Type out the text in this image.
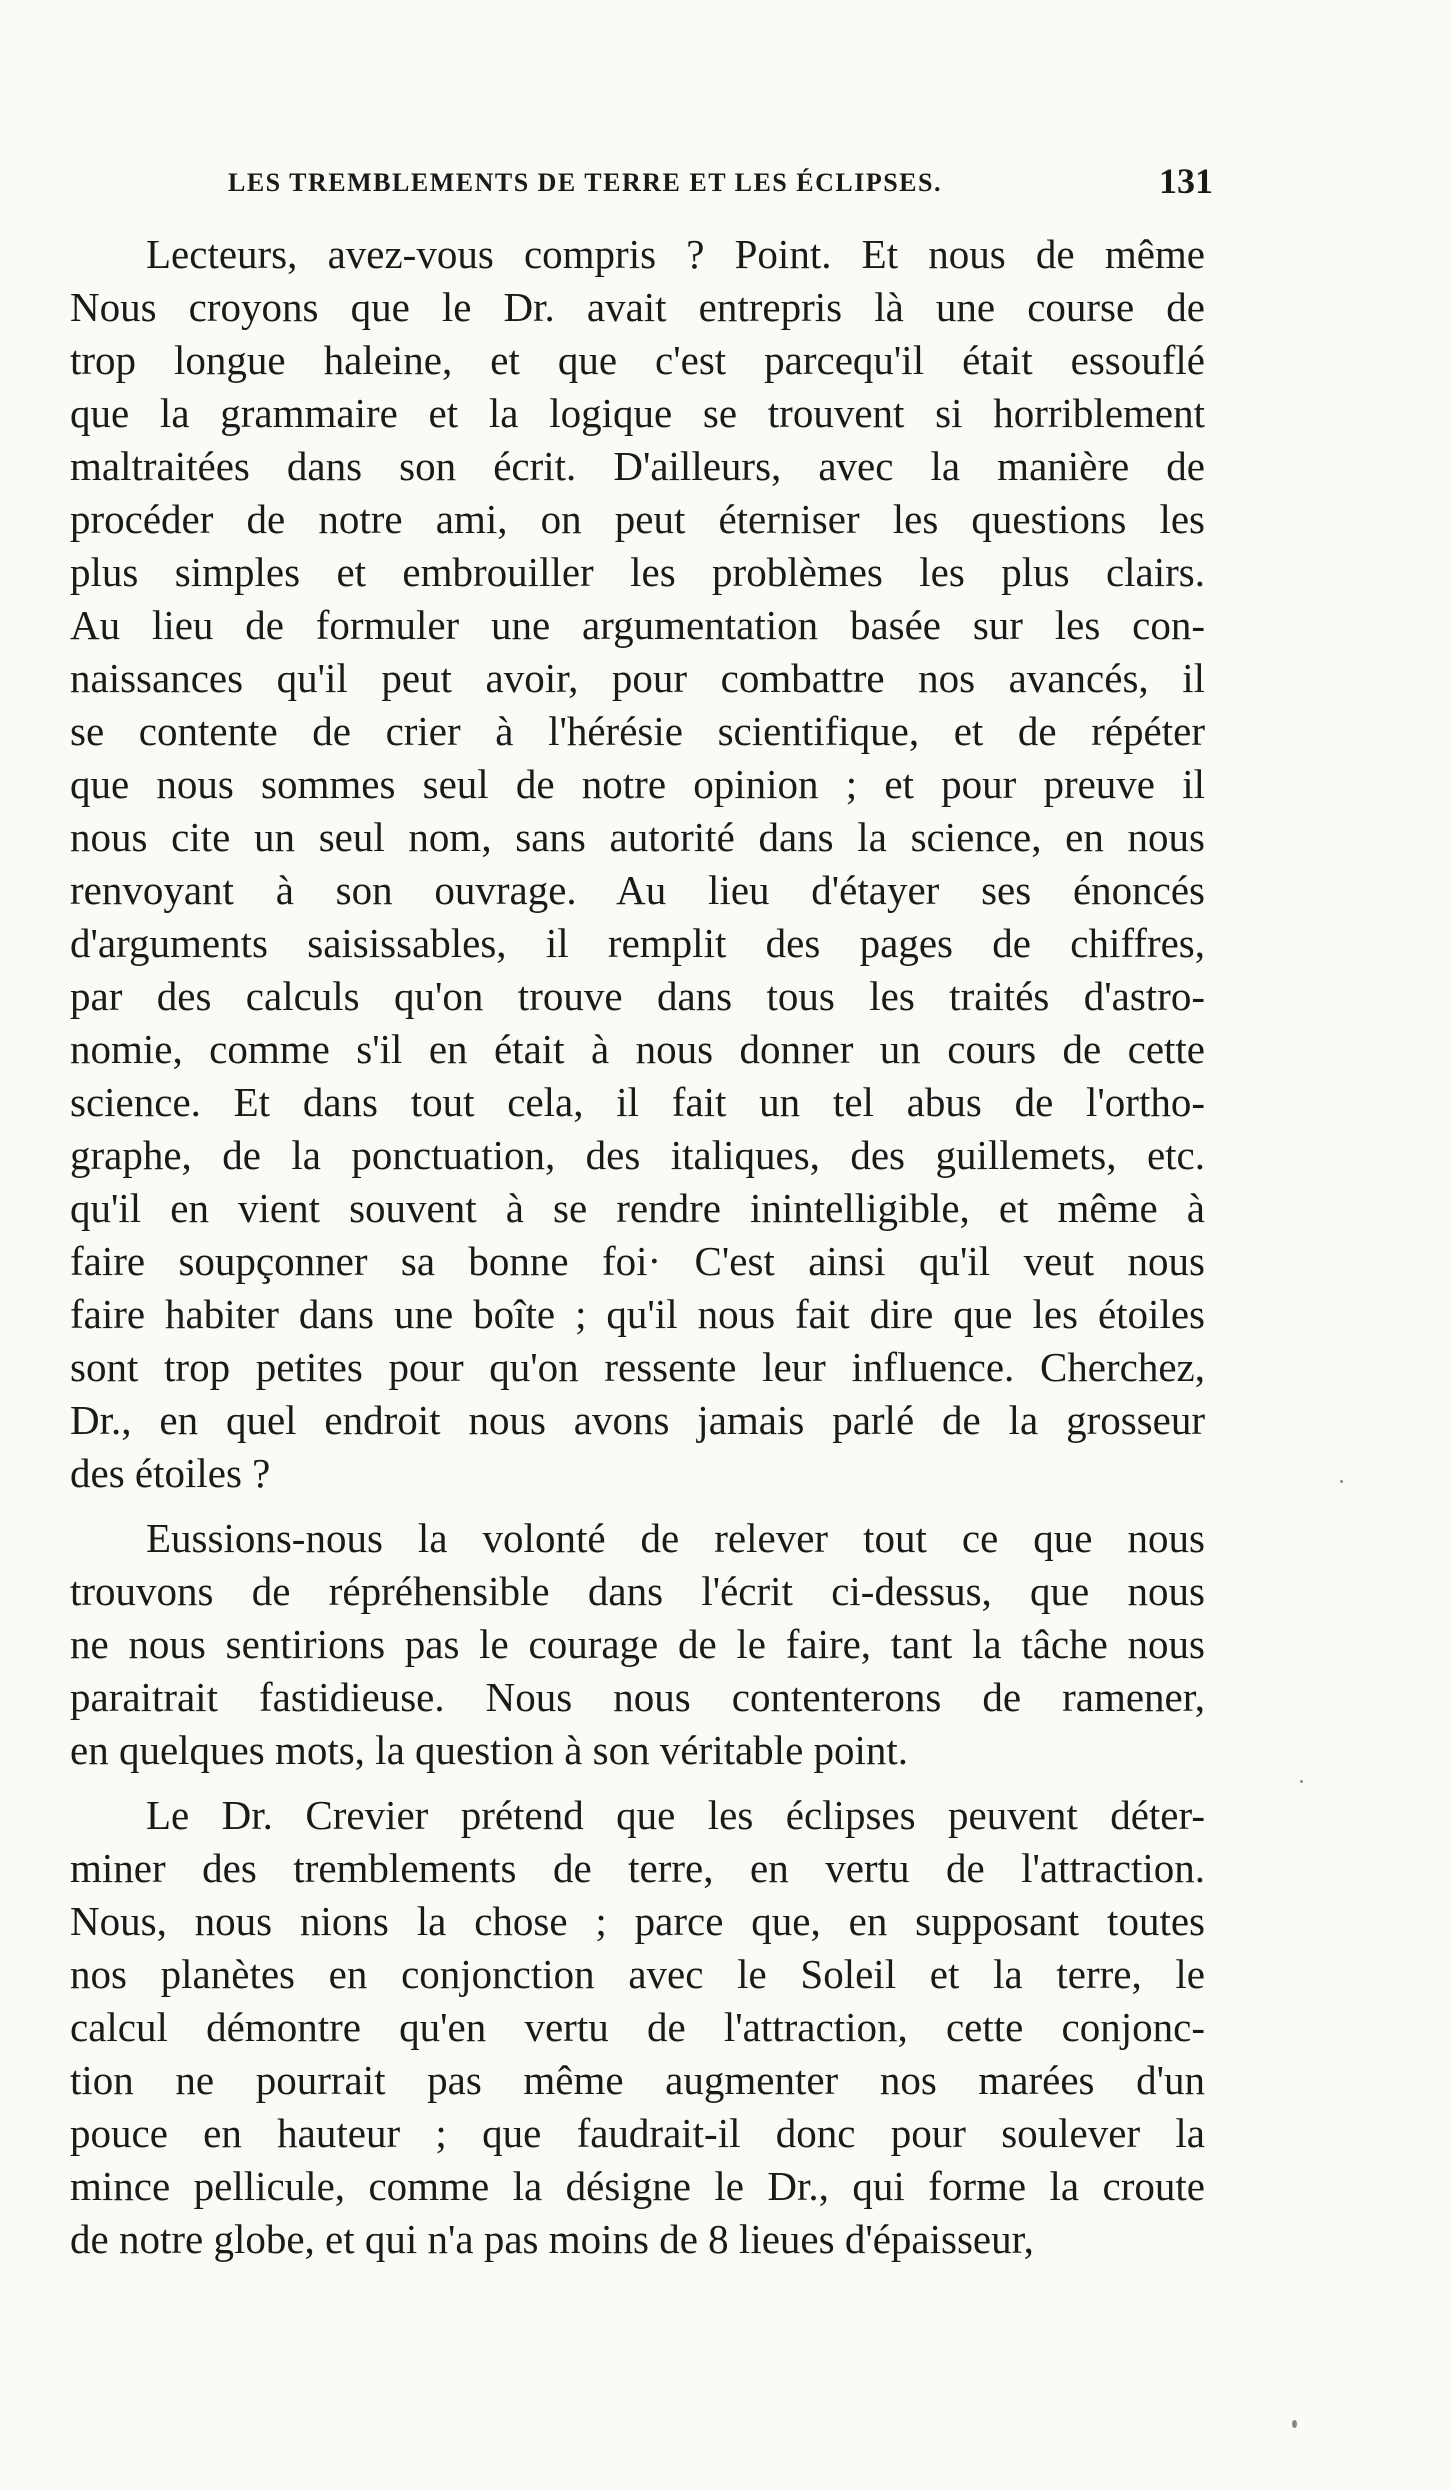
LES TREMBLEMENTS DE TERRE ET LES ÉCLIPSES.	131
Lecteurs, avez-vous compris ? Point. Et nous de même
Nous croyons que le Dr. avait entrepris là une course de
trop longue haleine, et que c'est parcequ'il était essouflé
que la grammaire et la logique se trouvent si horriblement
maltraitées dans son écrit. D'ailleurs, avec la manière de
procéder de notre ami, on peut éterniser les questions les
plus simples et embrouiller les problèmes les plus clairs.
Au lieu de formuler une argumentation basée sur les con-
naissances qu'il peut avoir, pour combattre nos avancés, il
se contente de crier à l'hérésie scientifique, et de répéter
que nous sommes seul de notre opinion ; et pour preuve il
nous cite un seul nom, sans autorité dans la science, en nous
renvoyant à son ouvrage. Au lieu d'étayer ses énoncés
d'arguments saisissables, il remplit des pages de chiffres,
par des calculs qu'on trouve dans tous les traités d'astro-
nomie, comme s'il en était à nous donner un cours de cette
science. Et dans tout cela, il fait un tel abus de l'ortho-
graphe, de la ponctuation, des italiques, des guillemets, etc.
qu'il en vient souvent à se rendre inintelligible, et même à
faire soupçonner sa bonne foi· C'est ainsi qu'il veut nous
faire habiter dans une boîte ; qu'il nous fait dire que les étoiles
sont trop petites pour qu'on ressente leur influence. Cherchez,
Dr., en quel endroit nous avons jamais parlé de la grosseur
des étoiles ?
Eussions-nous la volonté de relever tout ce que nous
trouvons de répréhensible dans l'écrit ci-dessus, que nous
ne nous sentirions pas le courage de le faire, tant la tâche nous
paraitrait fastidieuse. Nous nous contenterons de ramener,
en quelques mots, la question à son véritable point.
Le Dr. Crevier prétend que les éclipses peuvent déter-
miner des tremblements de terre, en vertu de l'attraction.
Nous, nous nions la chose ; parce que, en supposant toutes
nos planètes en conjonction avec le Soleil et la terre, le
calcul démontre qu'en vertu de l'attraction, cette conjonc-
tion ne pourrait pas même augmenter nos marées d'un
pouce en hauteur ; que faudrait-il donc pour soulever la
mince pellicule, comme la désigne le Dr., qui forme la croute
de notre globe, et qui n'a pas moins de 8 lieues d'épaisseur,
